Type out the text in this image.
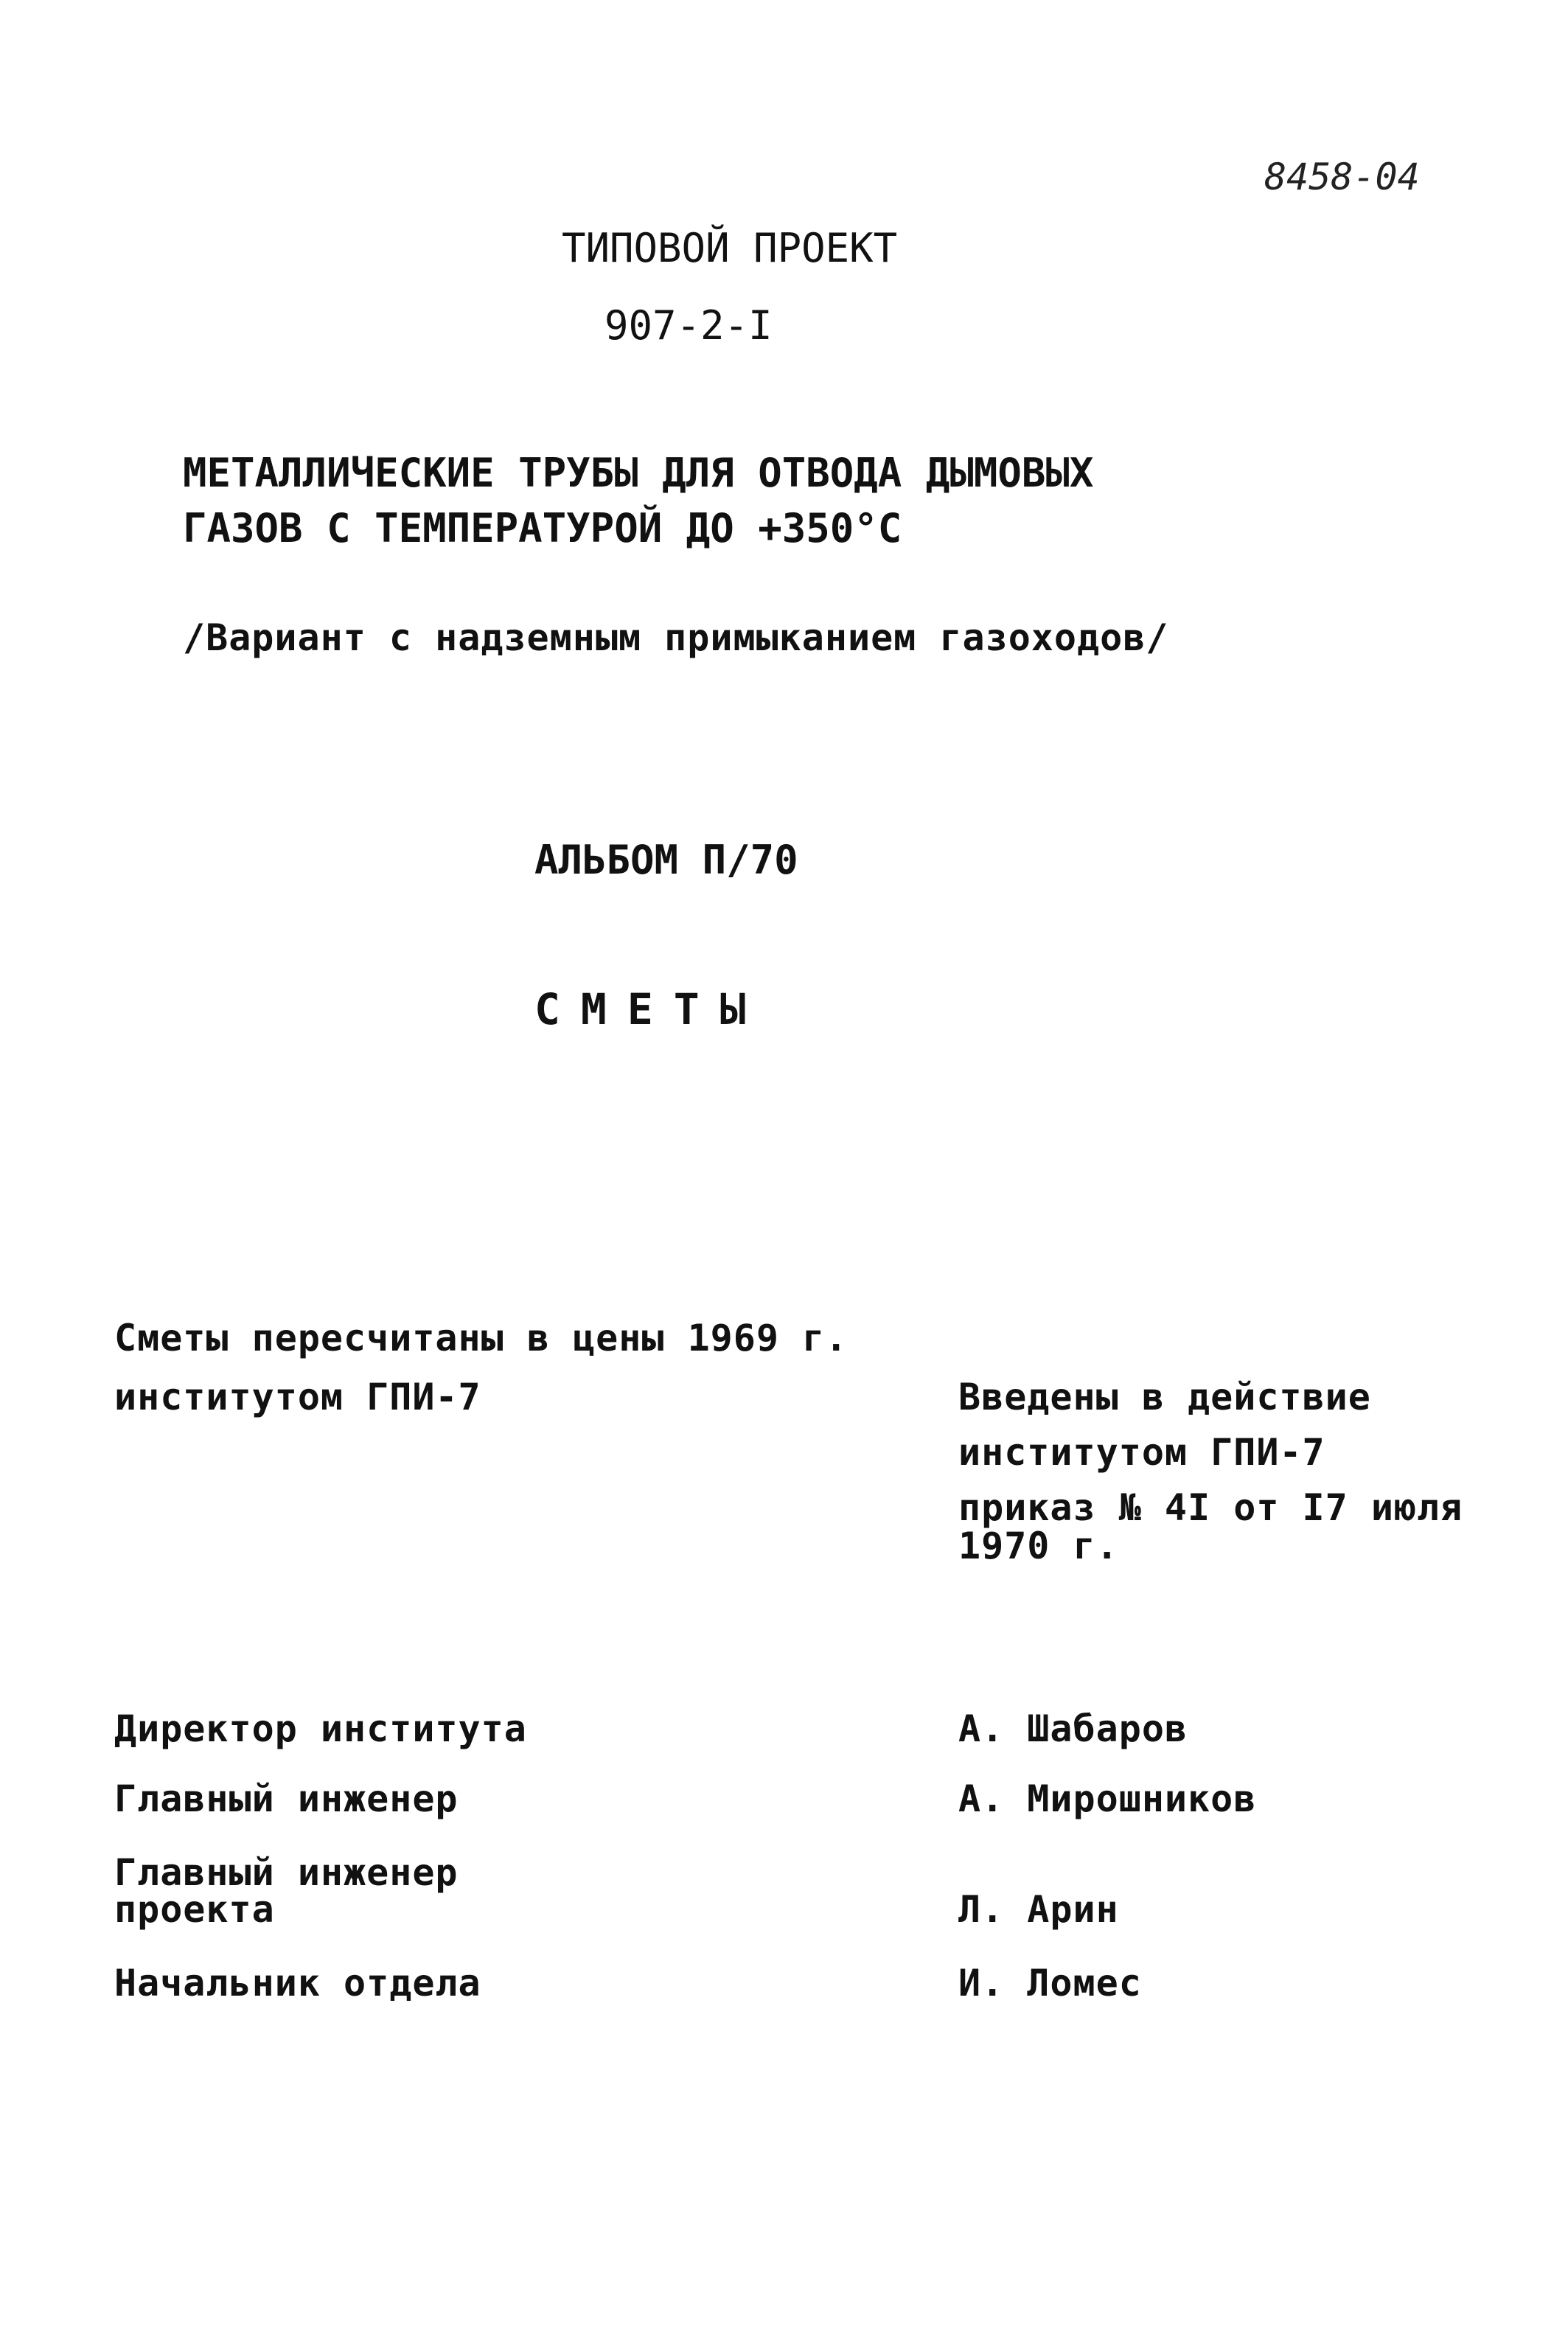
8458-04
ТИПОВОЙ ПРОЕКТ
907-2-I
МЕТАЛЛИЧЕСКИЕ ТРУБЫ ДЛЯ ОТВОДА ДЫМОВЫХ
ГАЗОВ С ТЕМПЕРАТУРОЙ ДО +350°С
/Вариант с надземным примыканием газоходов/
АЛЬБОМ П/70
СМЕТЫ
Сметы пересчитаны в цены 1969 г.
институтом ГПИ-7	Введены в действие
институтом ГПИ-7
приказ № 4I от I7 июля
1970 г.
Директор института	А. Шабаров
Главный инженер	А. Мирошников
Главный инженер
проекта	Л. Арин
Начальник отдела	И. Ломес
